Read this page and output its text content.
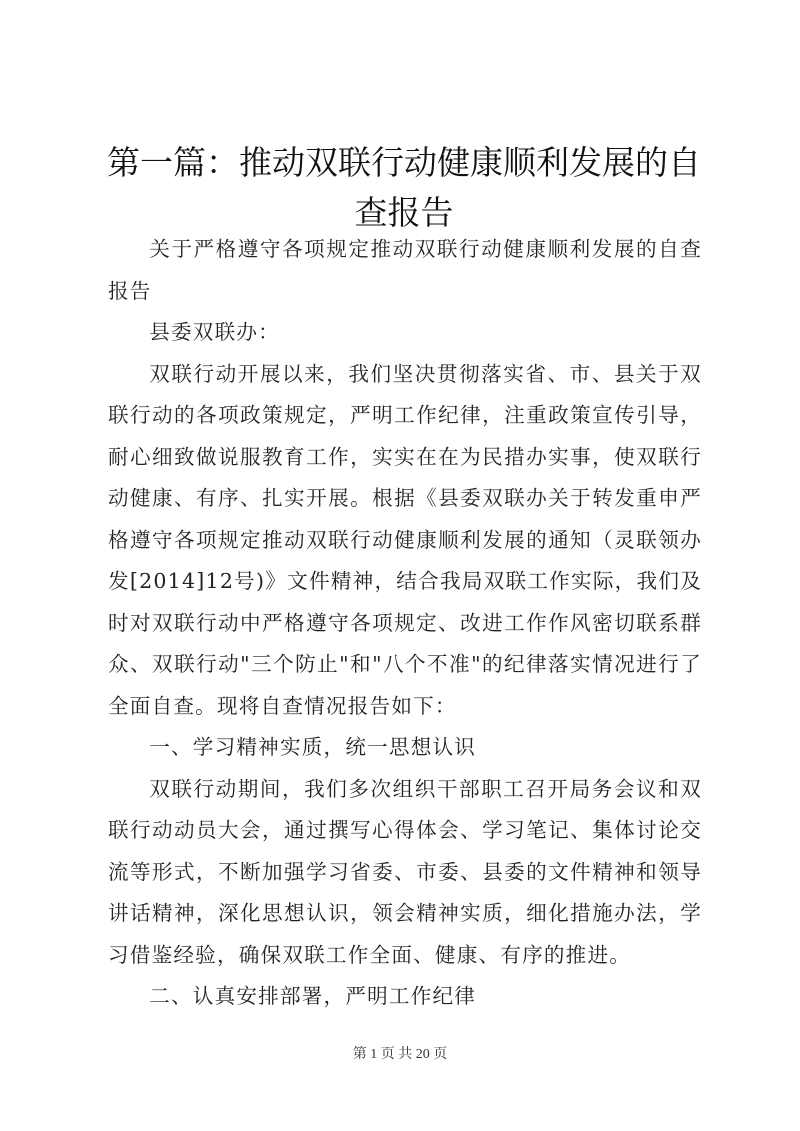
第一篇：推动双联行动健康顺利发展的自查报告

关于严格遵守各项规定推动双联行动健康顺利发展的自查报告

县委双联办：

双联行动开展以来，我们坚决贯彻落实省、市、县关于双联行动的各项政策规定，严明工作纪律，注重政策宣传引导，耐心细致做说服教育工作，实实在在为民措办实事，使双联行动健康、有序、扎实开展。根据《县委双联办关于转发重申严格遵守各项规定推动双联行动健康顺利发展的通知（灵联领办发[2014]12号)》文件精神，结合我局双联工作实际，我们及时对双联行动中严格遵守各项规定、改进工作作风密切联系群众、双联行动"三个防止"和"八个不准"的纪律落实情况进行了全面自查。现将自查情况报告如下：

一、学习精神实质，统一思想认识

双联行动期间，我们多次组织干部职工召开局务会议和双联行动动员大会，通过撰写心得体会、学习笔记、集体讨论交流等形式，不断加强学习省委、市委、县委的文件精神和领导讲话精神，深化思想认识，领会精神实质，细化措施办法，学习借鉴经验，确保双联工作全面、健康、有序的推进。

二、认真安排部署，严明工作纪律

第 1 页 共 20 页
